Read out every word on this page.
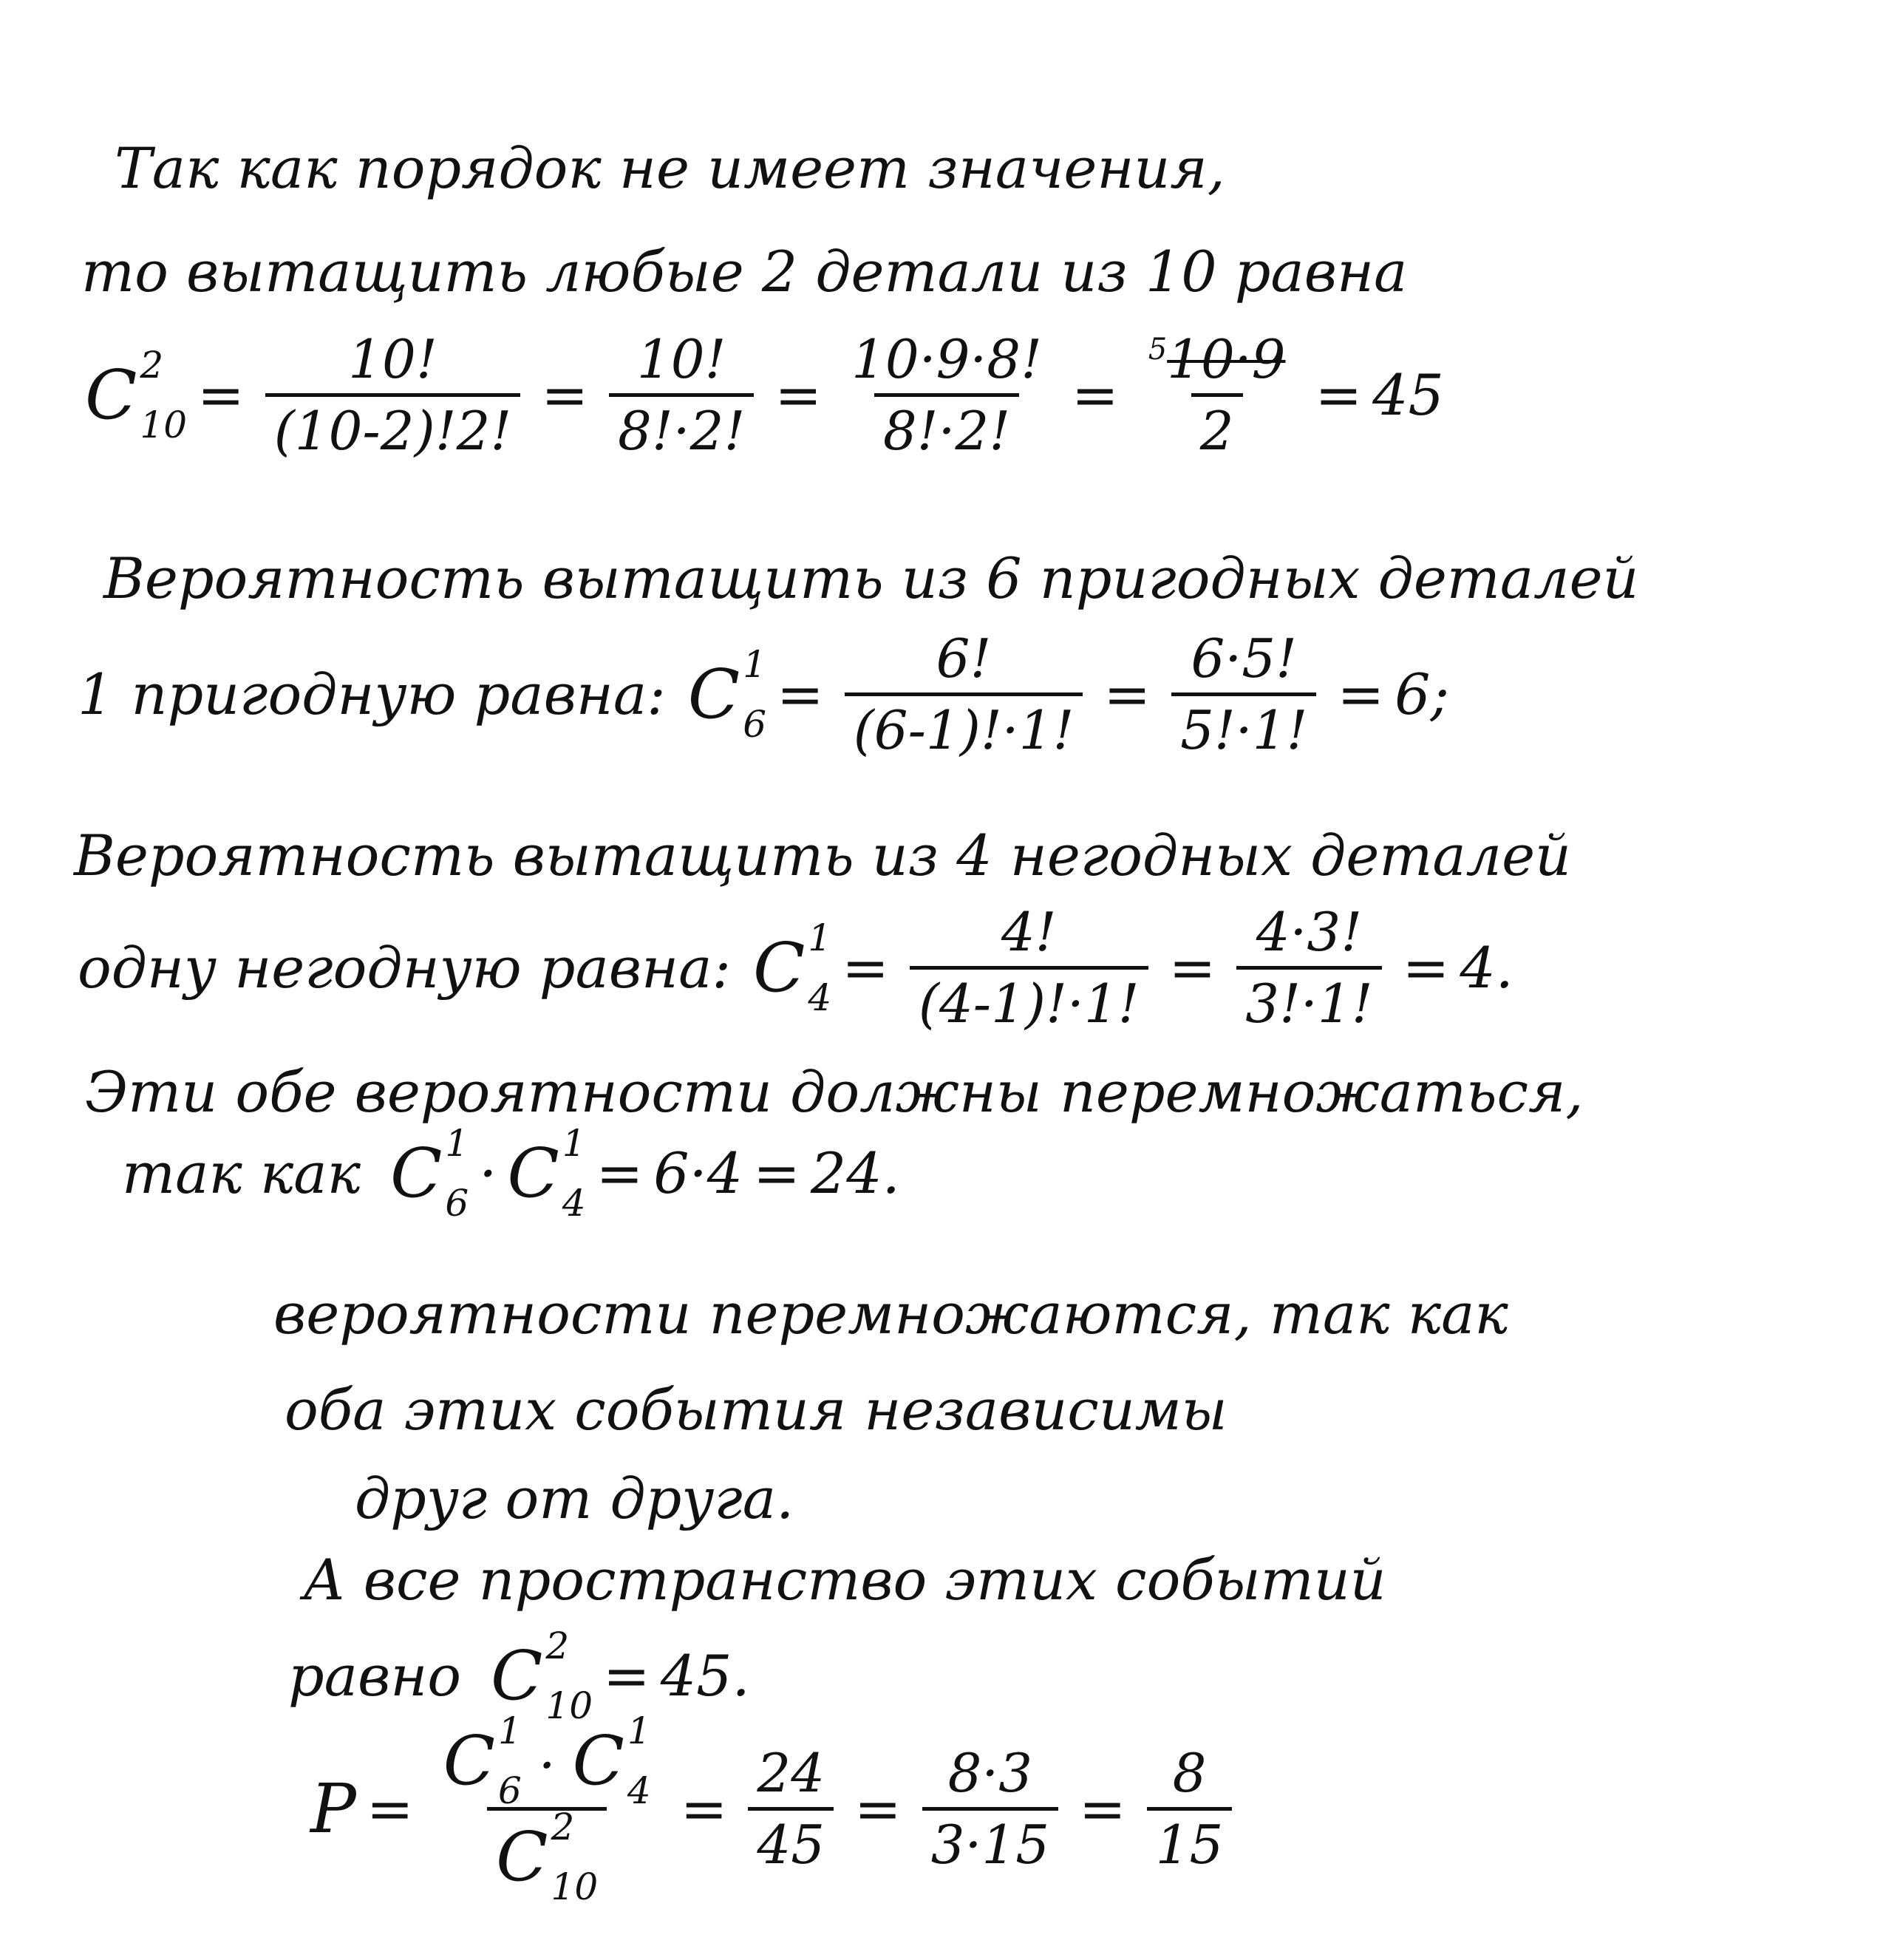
Так как порядок не имеет значения,
то вытащить любые 2 детали из 10 равна
C 2
$10 = \frac{10!}{(10-2)!2!} = \frac{10!}{8!\cdot 2!} = \frac{10\cdot 9\cdot 8!}{8!\cdot 2!} = \frac{^510\cdot 9}{2} = 45$
Вероятность вытащить из 6 пригодных деталей
1 пригодную равна: C 1
$6 = \frac{6!}{(6-1)!\cdot 1!} = \frac{6\cdot 5!}{5!\cdot 1!} = 6$;
Вероятность вытащить из 4 негодных деталей
одну негодную равна: C 1
$4 = \frac{4!}{(4-1)!\cdot 1!} = \frac{4\cdot 3!}{3!\cdot 1!} = 4$.
Эти обе вероятности должны перемножаться,
так как C 1
6 · C 1
4 = 6·4 = 24.
вероятности перемножаются, так как
оба этих события независимы
друг от друга.
А все пространство этих событий
равно C 2
10 = 45.
P = C 1
6 · C 1
4
C 2
$10 = \frac{24}{45} = \frac{8\cdot 3}{3\cdot 15} = \frac{8}{15}$
